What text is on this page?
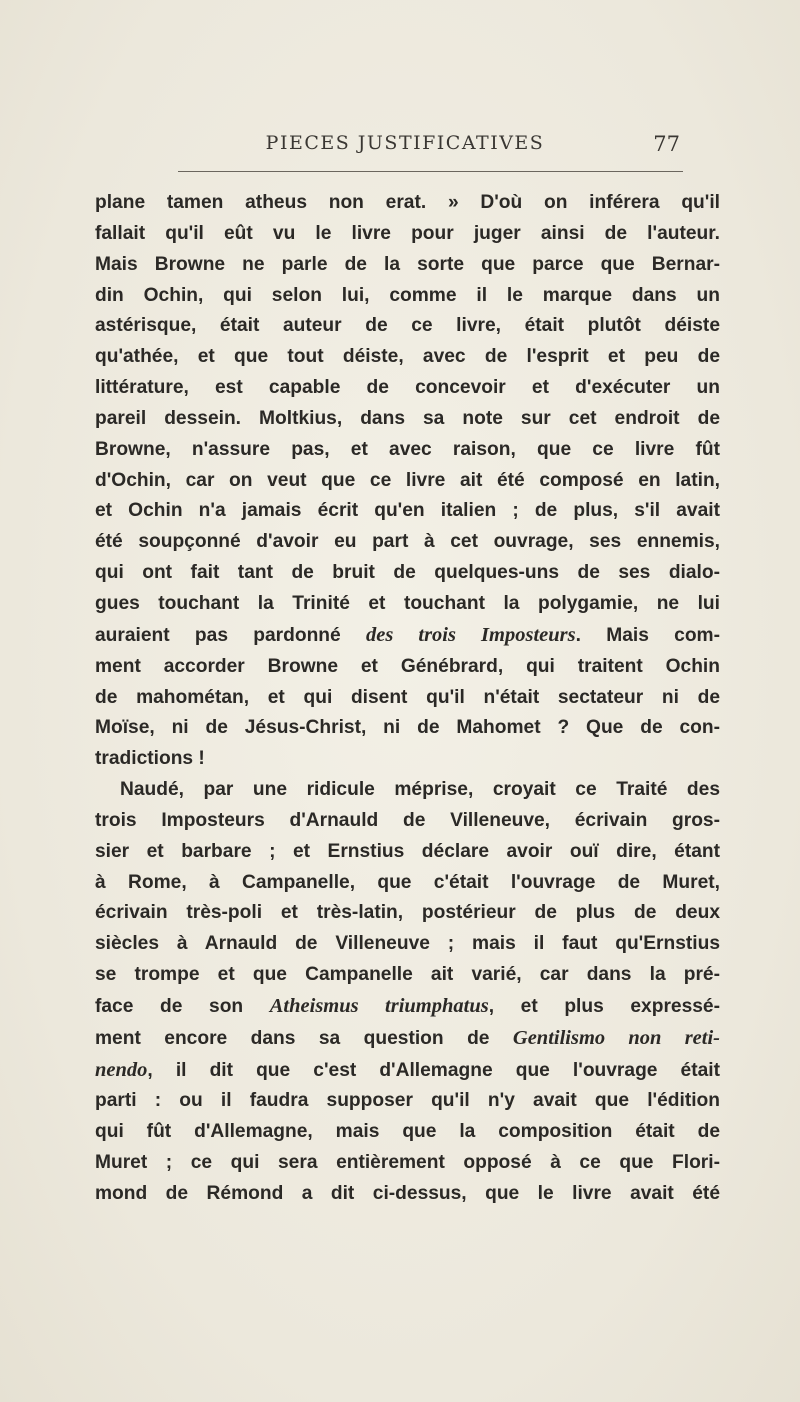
PIECES JUSTIFICATIVES	77
plane tamen atheus non erat. » D'où on inférera qu'il
fallait qu'il eût vu le livre pour juger ainsi de l'auteur.
Mais Browne ne parle de la sorte que parce que Bernar-
din Ochin, qui selon lui, comme il le marque dans un
astérisque, était auteur de ce livre, était plutôt déiste
qu'athée, et que tout déiste, avec de l'esprit et peu de
littérature, est capable de concevoir et d'exécuter un
pareil dessein. Moltkius, dans sa note sur cet endroit de
Browne, n'assure pas, et avec raison, que ce livre fût
d'Ochin, car on veut que ce livre ait été composé en latin,
et Ochin n'a jamais écrit qu'en italien ; de plus, s'il avait
été soupçonné d'avoir eu part à cet ouvrage, ses ennemis,
qui ont fait tant de bruit de quelques-uns de ses dialo-
gues touchant la Trinité et touchant la polygamie, ne lui
auraient pas pardonné des trois Imposteurs. Mais com-
ment accorder Browne et Génébrard, qui traitent Ochin
de mahométan, et qui disent qu'il n'était sectateur ni de
Moïse, ni de Jésus-Christ, ni de Mahomet ? Que de con-
tradictions !
Naudé, par une ridicule méprise, croyait ce Traité des
trois Imposteurs d'Arnauld de Villeneuve, écrivain gros-
sier et barbare ; et Ernstius déclare avoir ouï dire, étant
à Rome, à Campanelle, que c'était l'ouvrage de Muret,
écrivain très-poli et très-latin, postérieur de plus de deux
siècles à Arnauld de Villeneuve ; mais il faut qu'Ernstius
se trompe et que Campanelle ait varié, car dans la pré-
face de son Atheismus triumphatus, et plus expressé-
ment encore dans sa question de Gentilismo non reti-
nendo, il dit que c'est d'Allemagne que l'ouvrage était
parti : ou il faudra supposer qu'il n'y avait que l'édition
qui fût d'Allemagne, mais que la composition était de
Muret ; ce qui sera entièrement opposé à ce que Flori-
mond de Rémond a dit ci-dessus, que le livre avait été
